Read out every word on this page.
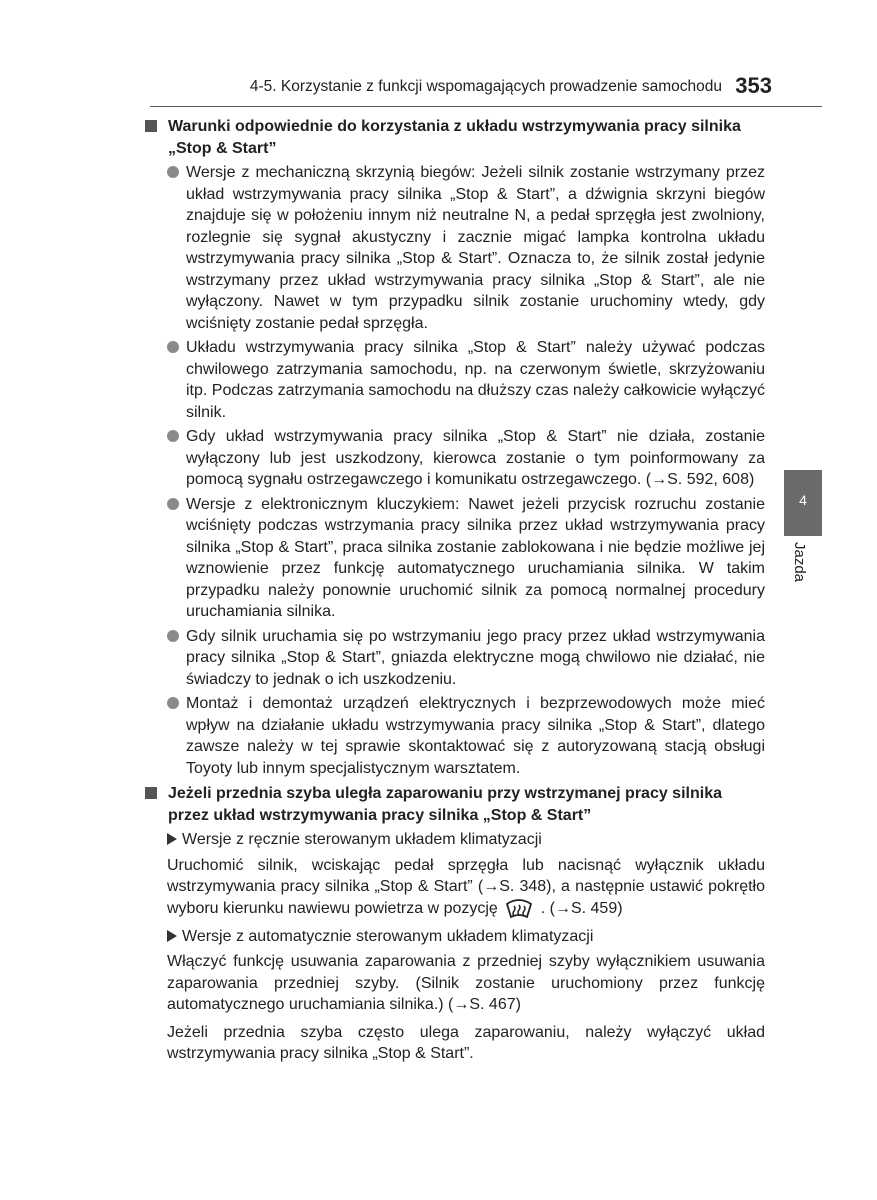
4-5. Korzystanie z funkcji wspomagających prowadzenie samochodu 353
4
Jazda
Warunki odpowiednie do korzystania z układu wstrzymywania pracy silnika „Stop & Start”
Wersje z mechaniczną skrzynią biegów: Jeżeli silnik zostanie wstrzymany przez układ wstrzymywania pracy silnika „Stop & Start”, a dźwignia skrzyni biegów znajduje się w położeniu innym niż neutralne N, a pedał sprzęgła jest zwolniony, rozlegnie się sygnał akustyczny i zacznie migać lampka kontrolna układu wstrzymywania pracy silnika „Stop & Start”. Oznacza to, że silnik został jedynie wstrzymany przez układ wstrzymywania pracy silnika „Stop & Start”, ale nie wyłączony. Nawet w tym przypadku silnik zostanie uruchominy wtedy, gdy wciśnięty zostanie pedał sprzęgła.
Układu wstrzymywania pracy silnika „Stop & Start” należy używać podczas chwilowego zatrzymania samochodu, np. na czerwonym świetle, skrzyżowaniu itp. Podczas zatrzymania samochodu na dłuższy czas należy całkowicie wyłączyć silnik.
Gdy układ wstrzymywania pracy silnika „Stop & Start” nie działa, zostanie wyłączony lub jest uszkodzony, kierowca zostanie o tym poinformowany za pomocą sygnału ostrzegawczego i komunikatu ostrzegawczego. (→S. 592, 608)
Wersje z elektronicznym kluczykiem: Nawet jeżeli przycisk rozruchu zostanie wciśnięty podczas wstrzymania pracy silnika przez układ wstrzymywania pracy silnika „Stop & Start”, praca silnika zostanie zablokowana i nie będzie możliwe jej wznowienie przez funkcję automatycznego uruchamiania silnika. W takim przypadku należy ponownie uruchomić silnik za pomocą normalnej procedury uruchamiania silnika.
Gdy silnik uruchamia się po wstrzymaniu jego pracy przez układ wstrzymywania pracy silnika „Stop & Start”, gniazda elektryczne mogą chwilowo nie działać, nie świadczy to jednak o ich uszkodzeniu.
Montaż i demontaż urządzeń elektrycznych i bezprzewodowych może mieć wpływ na działanie układu wstrzymywania pracy silnika „Stop & Start”, dlatego zawsze należy w tej sprawie skontaktować się z autoryzowaną stacją obsługi Toyoty lub innym specjalistycznym warsztatem.
Jeżeli przednia szyba uległa zaparowaniu przy wstrzymanej pracy silnika przez układ wstrzymywania pracy silnika „Stop & Start”
Wersje z ręcznie sterowanym układem klimatyzacji
Uruchomić silnik, wciskając pedał sprzęgła lub nacisnąć wyłącznik układu wstrzymywania pracy silnika „Stop & Start” (→S. 348), a następnie ustawić pokrętło wyboru kierunku nawiewu powietrza w pozycję	. (→S. 459)
Wersje z automatycznie sterowanym układem klimatyzacji
Włączyć funkcję usuwania zaparowania z przedniej szyby wyłącznikiem usuwania zaparowania przedniej szyby. (Silnik zostanie uruchomiony przez funkcję automatycznego uruchamiania silnika.) (→S. 467)
Jeżeli przednia szyba często ulega zaparowaniu, należy wyłączyć układ wstrzymywania pracy silnika „Stop & Start”.
